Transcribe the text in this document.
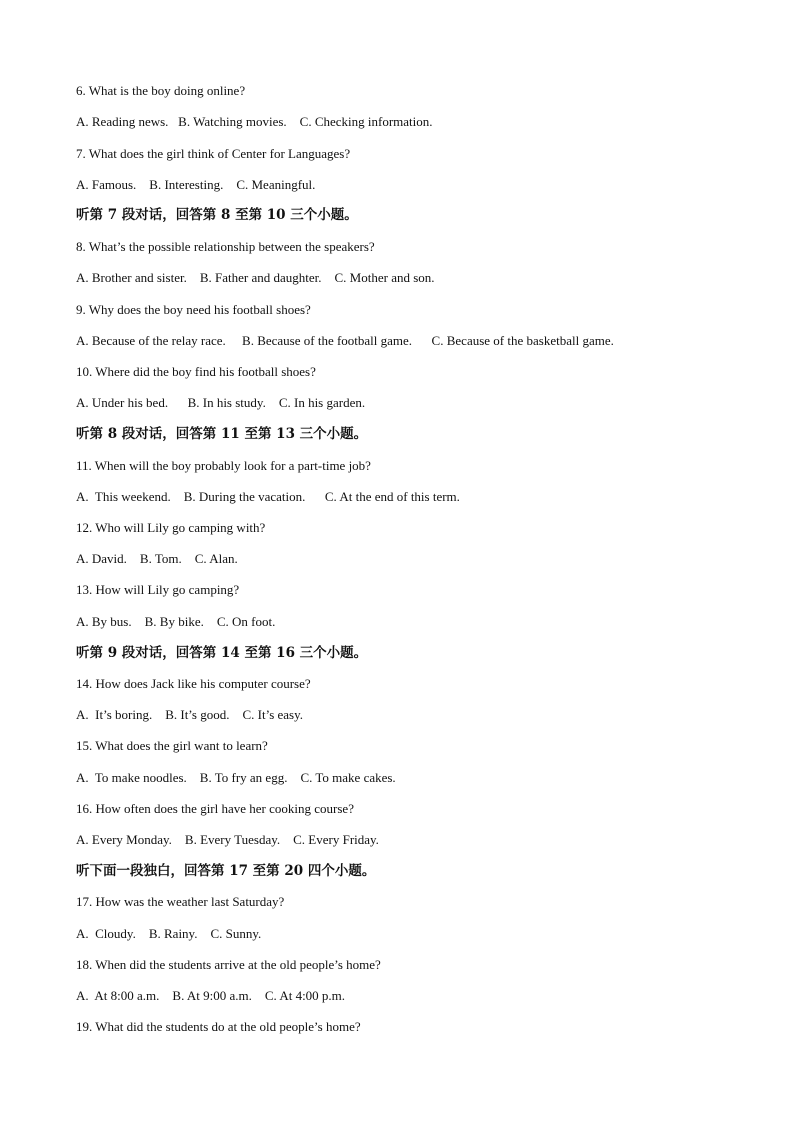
6. What is the boy doing online?
A. Reading news.   B. Watching movies.    C. Checking information.
7. What does the girl think of Center for Languages?
A. Famous.    B. Interesting.    C. Meaningful.
听第 7 段对话，回答第 8 至第 10 三个小题。
8. What’s the possible relationship between the speakers?
A. Brother and sister.    B. Father and daughter.    C. Mother and son.
9. Why does the boy need his football shoes?
A. Because of the relay race.     B. Because of the football game.      C. Because of the basketball game.
10. Where did the boy find his football shoes?
A. Under his bed.      B. In his study.    C. In his garden.
听第 8 段对话，回答第 11 至第 13 三个小题。
11. When will the boy probably look for a part-time job?
A.  This weekend.    B. During the vacation.      C. At the end of this term.
12. Who will Lily go camping with?
A. David.    B. Tom.    C. Alan.
13. How will Lily go camping?
A. By bus.    B. By bike.    C. On foot.
听第 9 段对话，回答第 14 至第 16 三个小题。
14. How does Jack like his computer course?
A.  It’s boring.    B. It’s good.    C. It’s easy.
15. What does the girl want to learn?
A.  To make noodles.    B. To fry an egg.    C. To make cakes.
16. How often does the girl have her cooking course?
A. Every Monday.    B. Every Tuesday.    C. Every Friday.
听下面一段独白，回答第 17 至第 20 四个小题。
17. How was the weather last Saturday?
A.  Cloudy.    B. Rainy.    C. Sunny.
18. When did the students arrive at the old people’s home?
A.  At 8:00 a.m.    B. At 9:00 a.m.    C. At 4:00 p.m.
19. What did the students do at the old people’s home?
